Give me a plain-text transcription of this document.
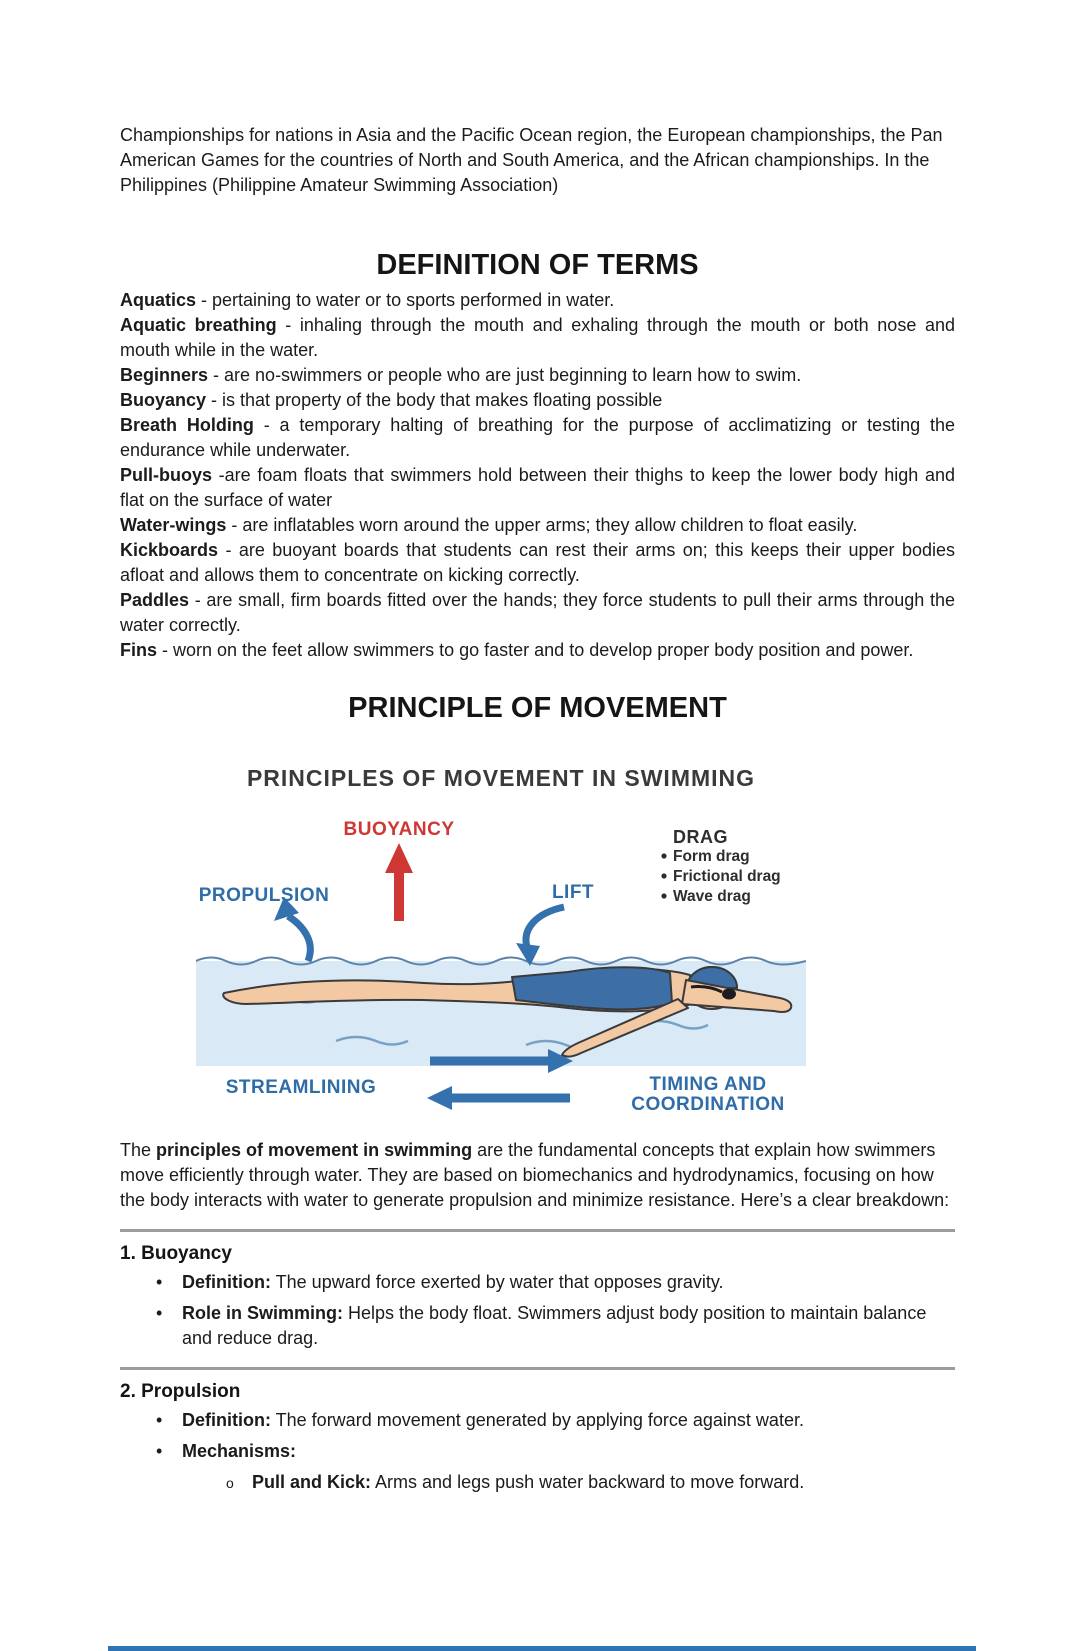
Championships for nations in Asia and the Pacific Ocean region, the European championships, the Pan American Games for the countries of North and South America, and the African championships. In the Philippines (Philippine Amateur Swimming Association)

DEFINITION OF TERMS

Aquatics - pertaining to water or to sports performed in water.

Aquatic breathing - inhaling through the mouth and exhaling through the mouth or both nose and mouth while in the water.

Beginners - are no-swimmers or people who are just beginning to learn how to swim.

Buoyancy - is that property of the body that makes floating possible

Breath Holding - a temporary halting of breathing for the purpose of acclimatizing or testing the endurance while underwater.

Pull-buoys -are foam floats that swimmers hold between their thighs to keep the lower body high and flat on the surface of water

Water-wings - are inflatables worn around the upper arms; they allow children to float easily.

Kickboards - are buoyant boards that students can rest their arms on; this keeps their upper bodies afloat and allows them to concentrate on kicking correctly.

Paddles - are small, firm boards fitted over the hands; they force students to pull their arms through the water correctly.

Fins - worn on the feet allow swimmers to go faster and to develop proper body position and power.

PRINCIPLE OF MOVEMENT
PRINCIPLES OF MOVEMENT IN SWIMMING
BUOYANCY
PROPULSION	LIFT
DRAG
Form drag
Frictional drag
Wave drag
STREAMLINING	TIMING AND
COORDINATION

The principles of movement in swimming are the fundamental concepts that explain how swimmers move efficiently through water. They are based on biomechanics and hydrodynamics, focusing on how the body interacts with water to generate propulsion and minimize resistance. Here’s a clear breakdown:

1. Buoyancy
• Definition: The upward force exerted by water that opposes gravity.
• Role in Swimming: Helps the body float. Swimmers adjust body position to maintain balance and reduce drag.
2. Propulsion
• Definition: The forward movement generated by applying force against water.
• Mechanisms:
o Pull and Kick: Arms and legs push water backward to move forward.
